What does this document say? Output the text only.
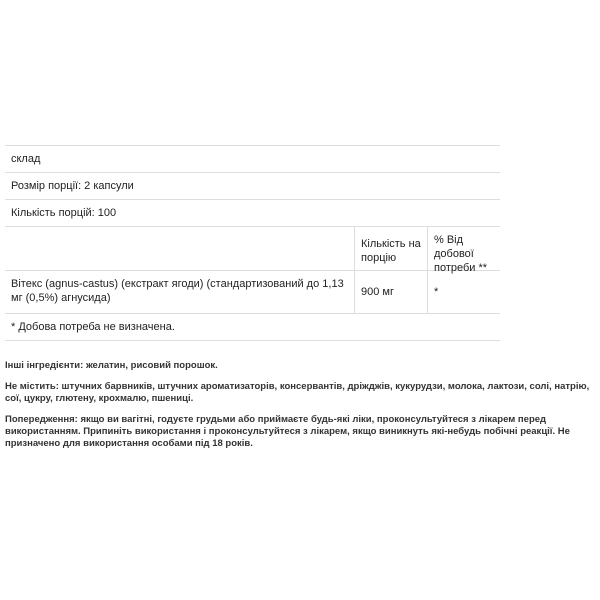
склад
Розмір порції: 2 капсули
Кількість порцій: 100
Кількість на порцію
% Від добової потреби **
Вітекс (agnus-castus) (екстракт ягоди) (стандартизований до 1,13 мг (0,5%) агнусида)	900 мг	*
* Добова потреба не визначена.

Інші інгредієнти: желатин, рисовий порошок.

Не містить: штучних барвників, штучних ароматизаторів, консервантів, дріжджів, кукурудзи, молока, лактози, солі, натрію, сої, цукру, глютену, крохмалю, пшениці.

Попередження: якщо ви вагітні, годуєте грудьми або приймаєте будь-які ліки, проконсультуйтеся з лікарем перед використанням. Припиніть використання і проконсультуйтеся з лікарем, якщо виникнуть які-небудь побічні реакції. Не призначено для використання особами під 18 років.
